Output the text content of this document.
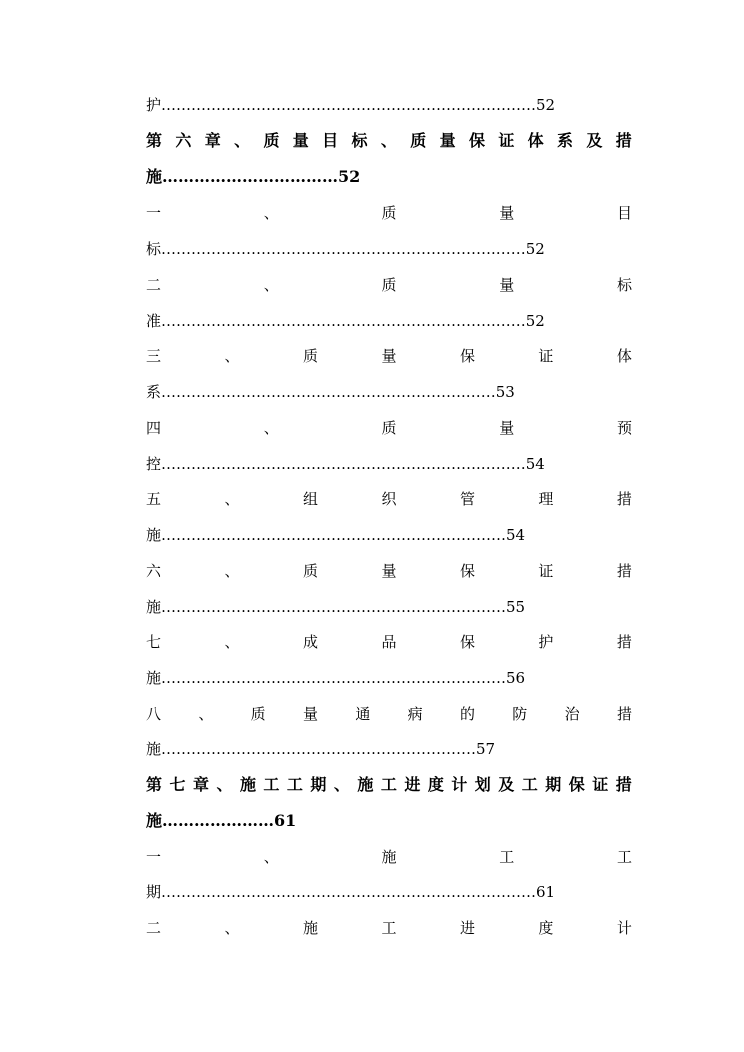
护…………………………………………………………………52
第 六 章 、 质 量 目 标 、 质 量 保 证 体 系 及 措
施……………………………52
一	、	质	量	目
标………………………………………………………….……52
二	、	质	量	标
准………………………………………………………….……52
三	、	质	量	保	证	体
系…………………………………………………….……53
四	、	质	量	预
控……………………………………………………….………54
五	、	组	织	管	理	措
施……………………………………………………………54
六	、	质	量	保	证	措
施……………………………………………………………55
七	、	成	品	保	护	措
施……………………………………………………………56
八 、 质 量 通 病 的 防 治 措
施………………………………………………………57
第 七 章 、 施 工 工 期 、 施 工 进 度 计 划 及 工 期 保 证 措
施…………………61
一	、	施	工	工
期…………………………………………………………………61
二	、	施	工	进	度	计
